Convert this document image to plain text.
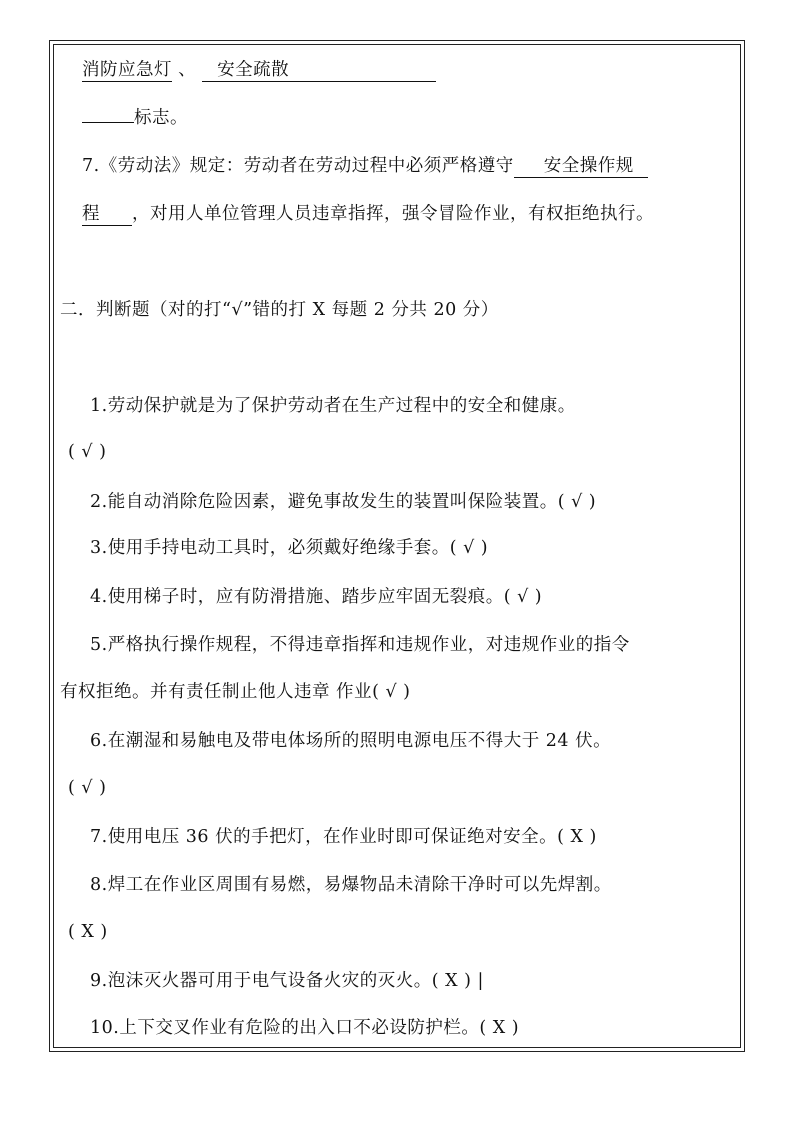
消防应急灯 、 安全疏散
标志。
7.《劳动法》规定：劳动者在劳动过程中必须严格遵守 安全操作规
程 ，对用人单位管理人员违章指挥，强令冒险作业，有权拒绝执行。
二．判断题（对的打“√”错的打 X 每题 2 分共 20 分）
1.劳动保护就是为了保护劳动者在生产过程中的安全和健康。
( √ )
2.能自动消除危险因素，避免事故发生的装置叫保险装置。( √ )
3.使用手持电动工具时，必须戴好绝缘手套。( √ )
4.使用梯子时，应有防滑措施、踏步应牢固无裂痕。( √ )
5.严格执行操作规程，不得违章指挥和违规作业，对违规作业的指令
有权拒绝。并有责任制止他人违章 作业( √ )
6.在潮湿和易触电及带电体场所的照明电源电压不得大于 24 伏。
( √ )
7.使用电压 36 伏的手把灯，在作业时即可保证绝对安全。( X )
8.焊工在作业区周围有易燃，易爆物品未清除干净时可以先焊割。
( X )
9.泡沫灭火器可用于电气设备火灾的灭火。( X ) |
10.上下交叉作业有危险的出入口不必设防护栏。( X )
